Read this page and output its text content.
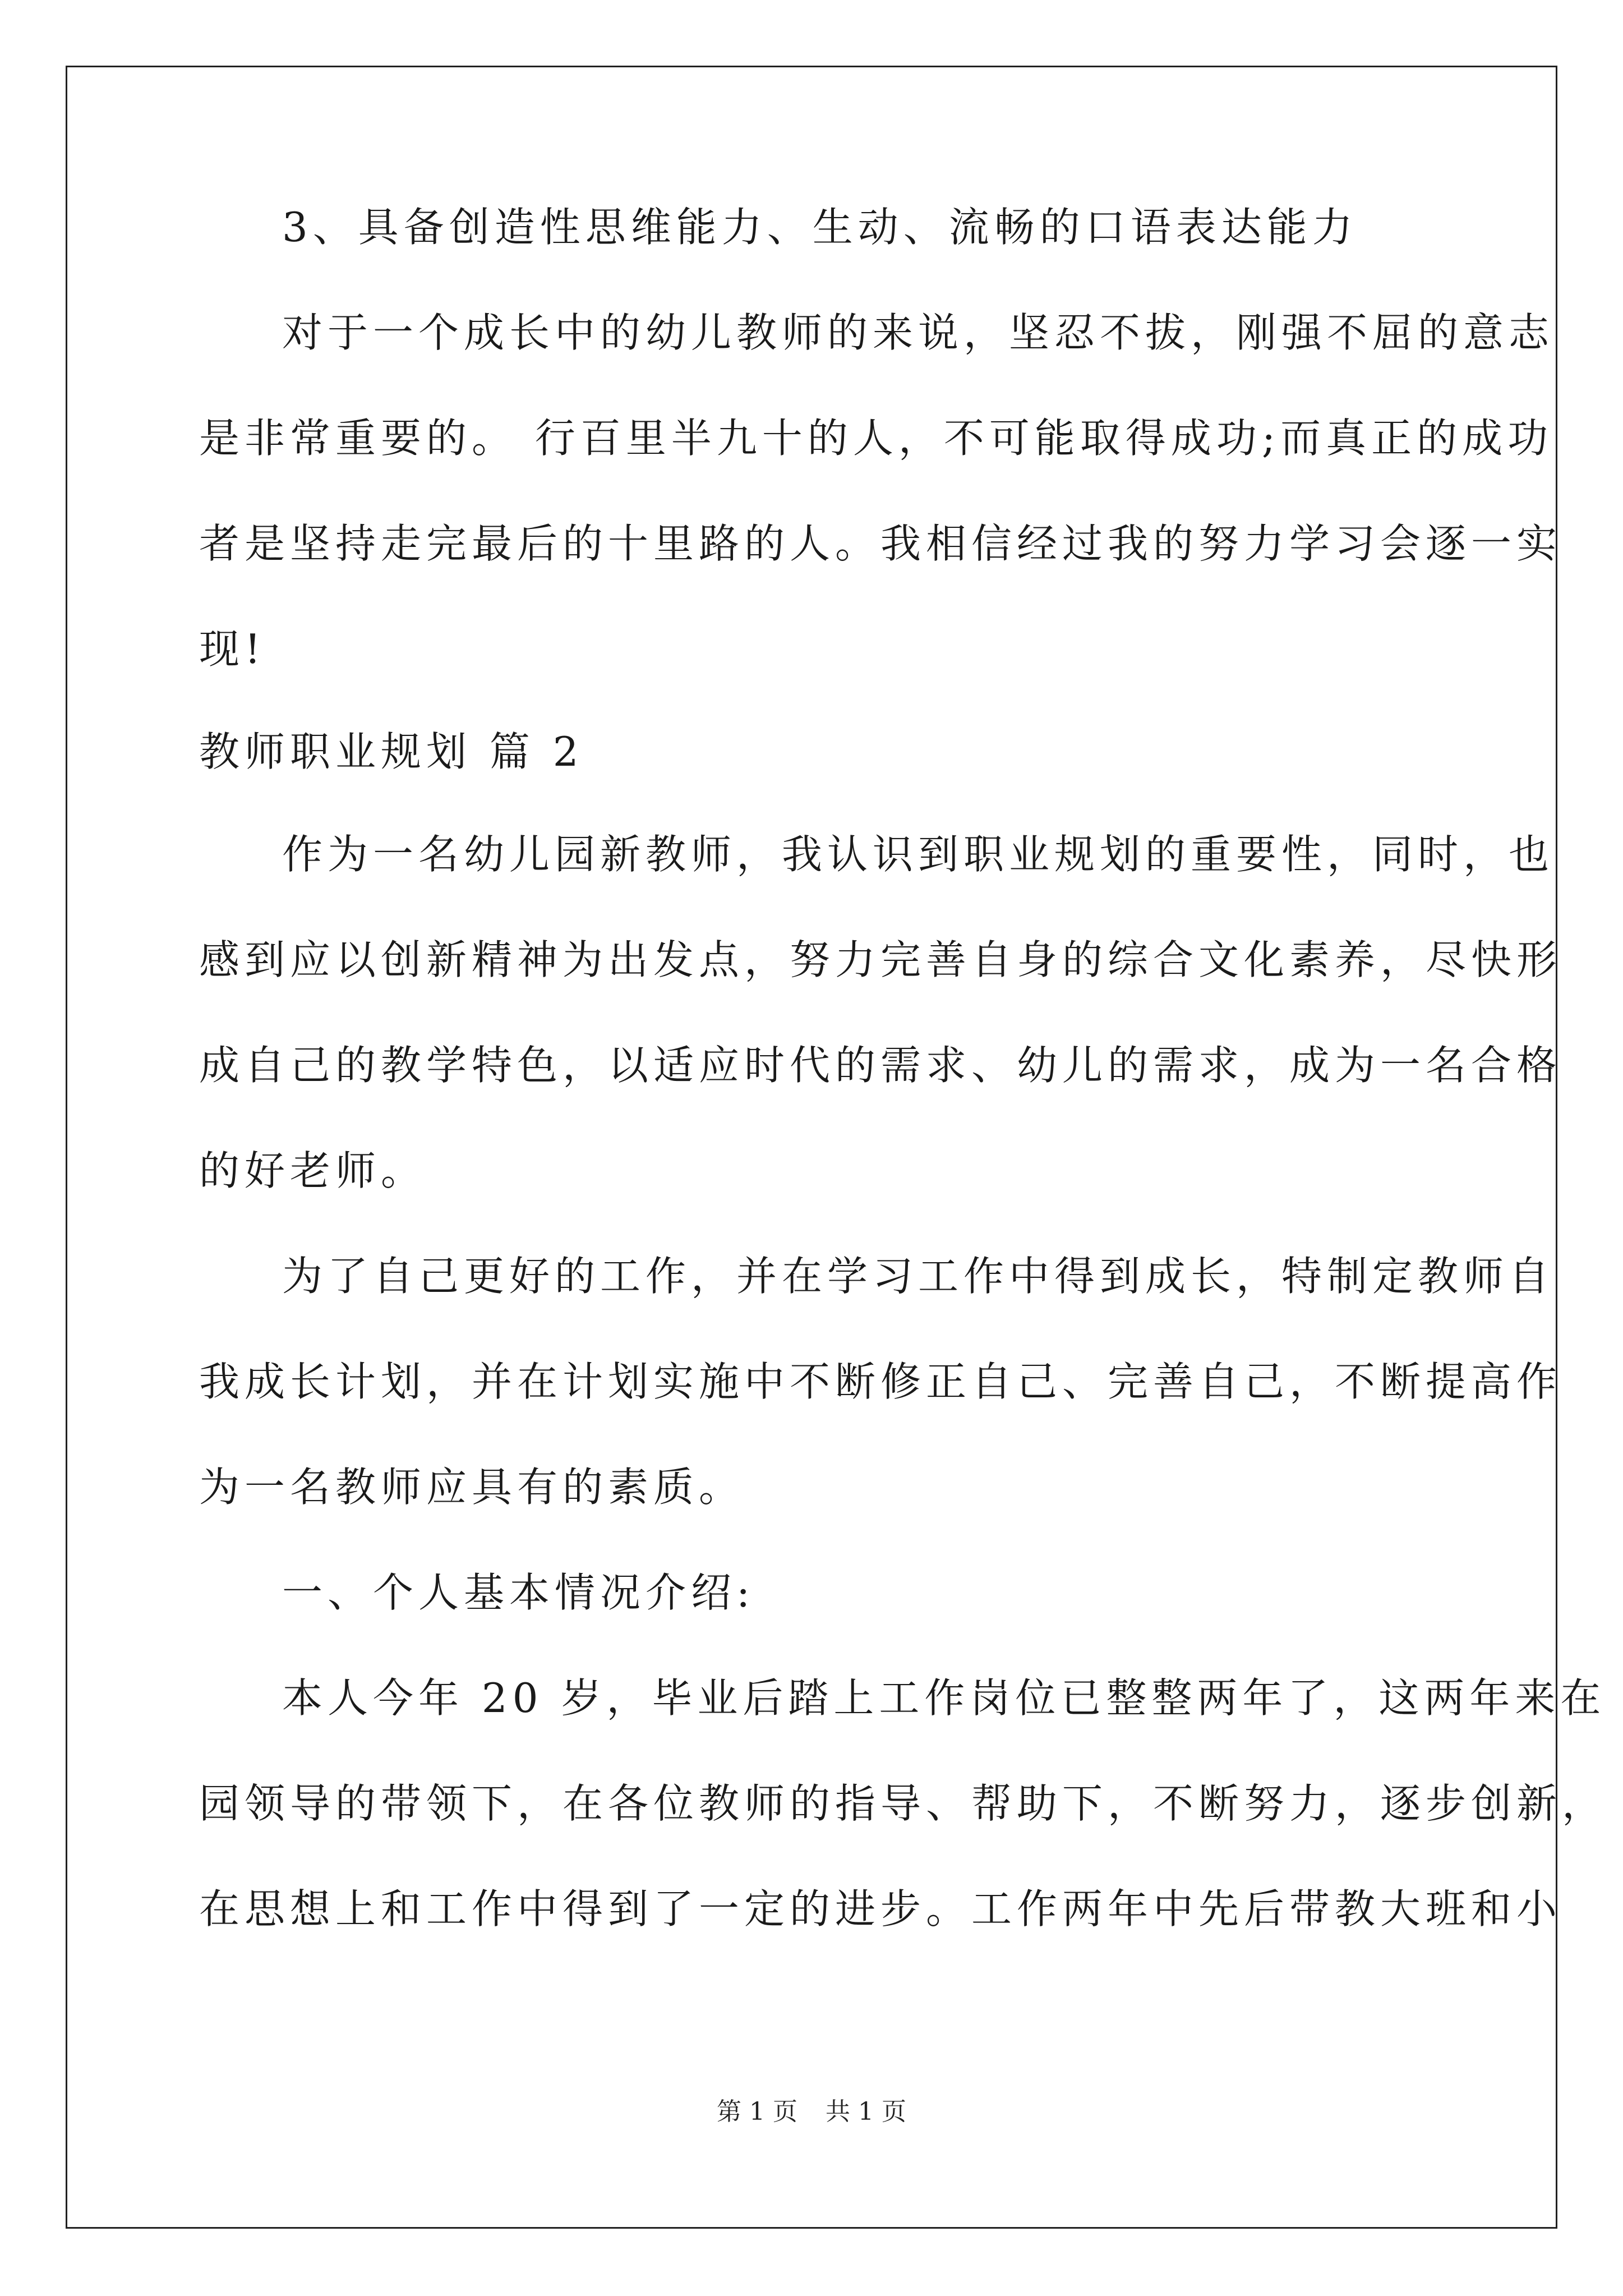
3、具备创造性思维能力、生动、流畅的口语表达能力
对于一个成长中的幼儿教师的来说，坚忍不拔，刚强不屈的意志
是非常重要的。 行百里半九十的人，不可能取得成功;而真正的成功
者是坚持走完最后的十里路的人。我相信经过我的努力学习会逐一实
现!
教师职业规划 篇 2
作为一名幼儿园新教师，我认识到职业规划的重要性，同时，也
感到应以创新精神为出发点，努力完善自身的综合文化素养，尽快形
成自己的教学特色，以适应时代的需求、幼儿的需求，成为一名合格
的好老师。
为了自己更好的工作，并在学习工作中得到成长，特制定教师自
我成长计划，并在计划实施中不断修正自己、完善自己，不断提高作
为一名教师应具有的素质。
一、个人基本情况介绍:
本人今年 20 岁，毕业后踏上工作岗位已整整两年了，这两年来在
园领导的带领下，在各位教师的指导、帮助下，不断努力，逐步创新，
在思想上和工作中得到了一定的进步。工作两年中先后带教大班和小
第 1 页 共 1 页
